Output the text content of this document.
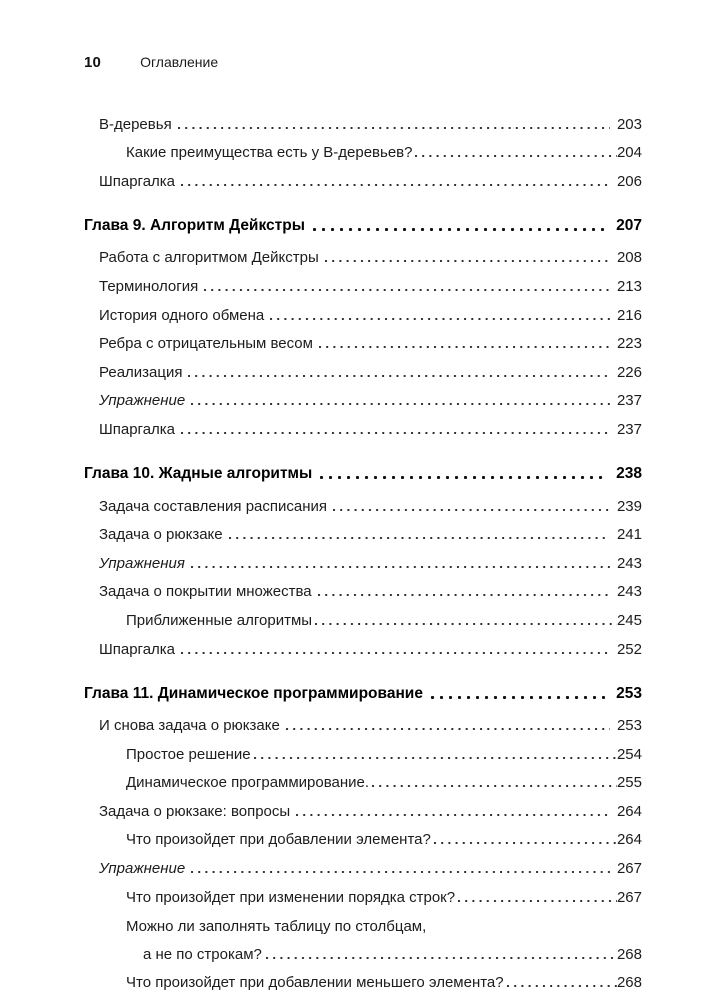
10	Оглавление
B-деревья	203
Какие преимущества есть у B-деревьев?	204
Шпаргалка	206
Глава 9. Алгоритм Дейкстры	207
Работа с алгоритмом Дейкстры	208
Терминология	213
История одного обмена	216
Ребра с отрицательным весом	223
Реализация	226
Упражнение	237
Шпаргалка	237
Глава 10. Жадные алгоритмы	238
Задача составления расписания	239
Задача о рюкзаке	241
Упражнения	243
Задача о покрытии множества	243
Приближенные алгоритмы	245
Шпаргалка	252
Глава 11. Динамическое программирование	253
И снова задача о рюкзаке	253
Простое решение	254
Динамическое программирование.	255
Задача о рюкзаке: вопросы	264
Что произойдет при добавлении элемента?	264
Упражнение	267
Что произойдет при изменении порядка строк?	267
Можно ли заполнять таблицу по столбцам,
а не по строкам?	268
Что произойдет при добавлении меньшего элемента?	268
